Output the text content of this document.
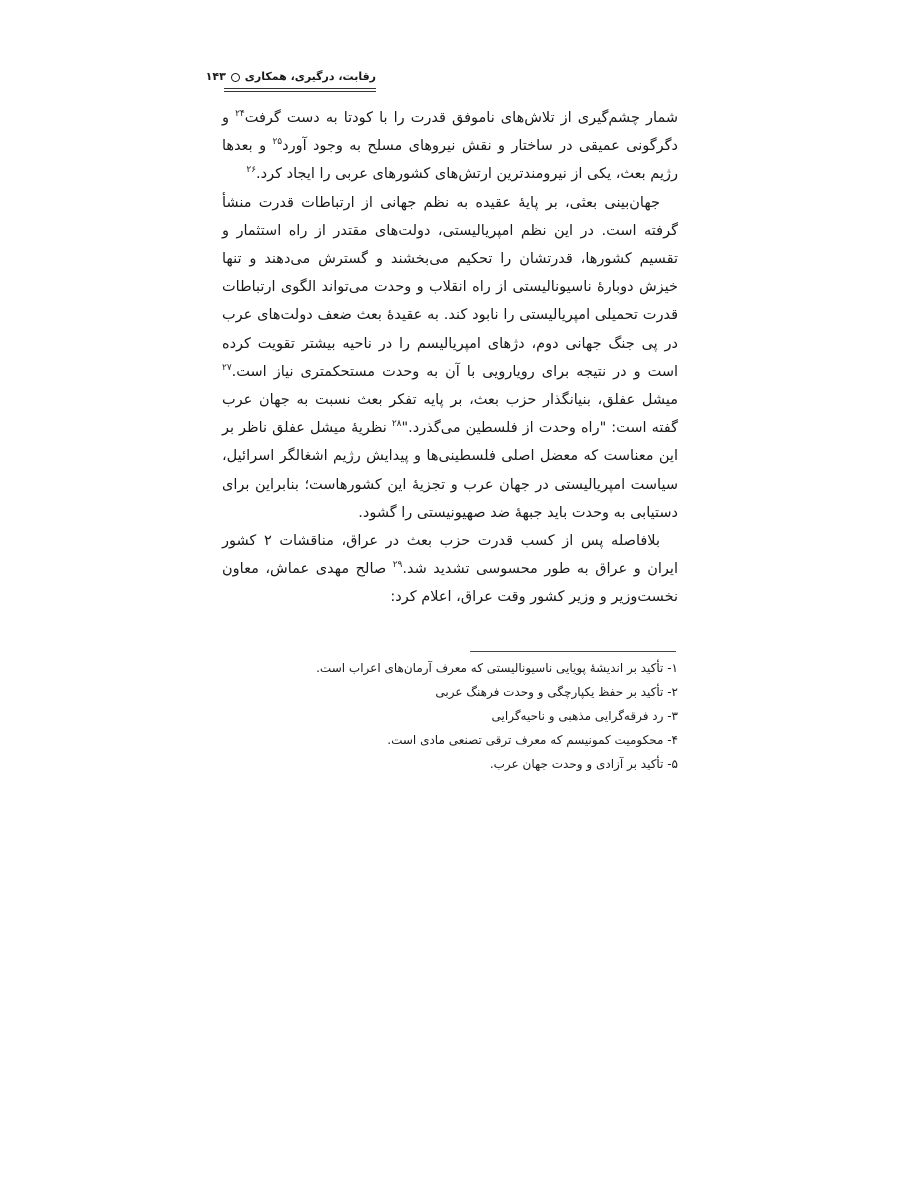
رقابت، درگیری، همکاری۱۴۳

شمار چشم‌گیری از تلاش‌های ناموفق قدرت را با کودتا به دست گرفت$^{۲۴}$ و دگرگونی عمیقی در ساختار و نقش نیروهای مسلح به وجود آورد$^{۲۵}$ و بعدها رژیم بعث، یکی از نیرومندترین ارتش‌های کشورهای عربی را ایجاد کرد.$^{۲۶}$

جهان‌بینی بعثی، بر پایهٔ عقیده به نظم جهانی از ارتباطات قدرت منشأ گرفته است. در این نظم امپریالیستی، دولت‌های مقتدر از راه استثمار و تقسیم کشورها، قدرتشان را تحکیم می‌بخشند و گسترش می‌دهند و تنها خیزش دوبارهٔ ناسیونالیستی از راه انقلاب و وحدت می‌تواند الگوی ارتباطات قدرت تحمیلی امپریالیستی را نابود کند. به عقیدهٔ بعث ضعف دولت‌های عرب در پی جنگ جهانی دوم، دژهای امپریالیسم را در ناحیه بیشتر تقویت کرده است و در نتیجه برای رویارویی با آن به وحدت مستحکمتری نیاز است.$^{۲۷}$ میشل عفلق، بنیانگذار حزب بعث، بر پایه تفکر بعث نسبت به جهان عرب گفته است: "راه وحدت از فلسطین می‌گذرد."$^{۲۸}$ نظریهٔ میشل عفلق ناظر بر این معناست که معضل اصلی فلسطینی‌ها و پیدایش رژیم اشغالگر اسرائیل، سیاست امپریالیستی در جهان عرب و تجزیهٔ این کشورهاست؛ بنابراین برای دستیابی به وحدت باید جبههٔ ضد صهیونیستی را گشود.

بلافاصله پس از کسب قدرت حزب بعث در عراق، مناقشات ۲ کشور ایران و عراق به طور محسوسی تشدید شد.$^{۲۹}$ صالح مهدی عماش، معاون نخست‌وزیر و وزیر کشور وقت عراق، اعلام کرد:

۱- تأکید بر اندیشهٔ پویایی ناسیونالیستی که معرف آرمان‌های اعراب است.
۲- تأکید بر حفظ یکپارچگی و وحدت فرهنگ عربی
۳- رد فرقه‌گرایی مذهبی و ناحیه‌گرایی
۴- محکومیت کمونیسم که معرف ترقی تصنعی مادی است.
۵- تأکید بر آزادی و وحدت جهان عرب.
